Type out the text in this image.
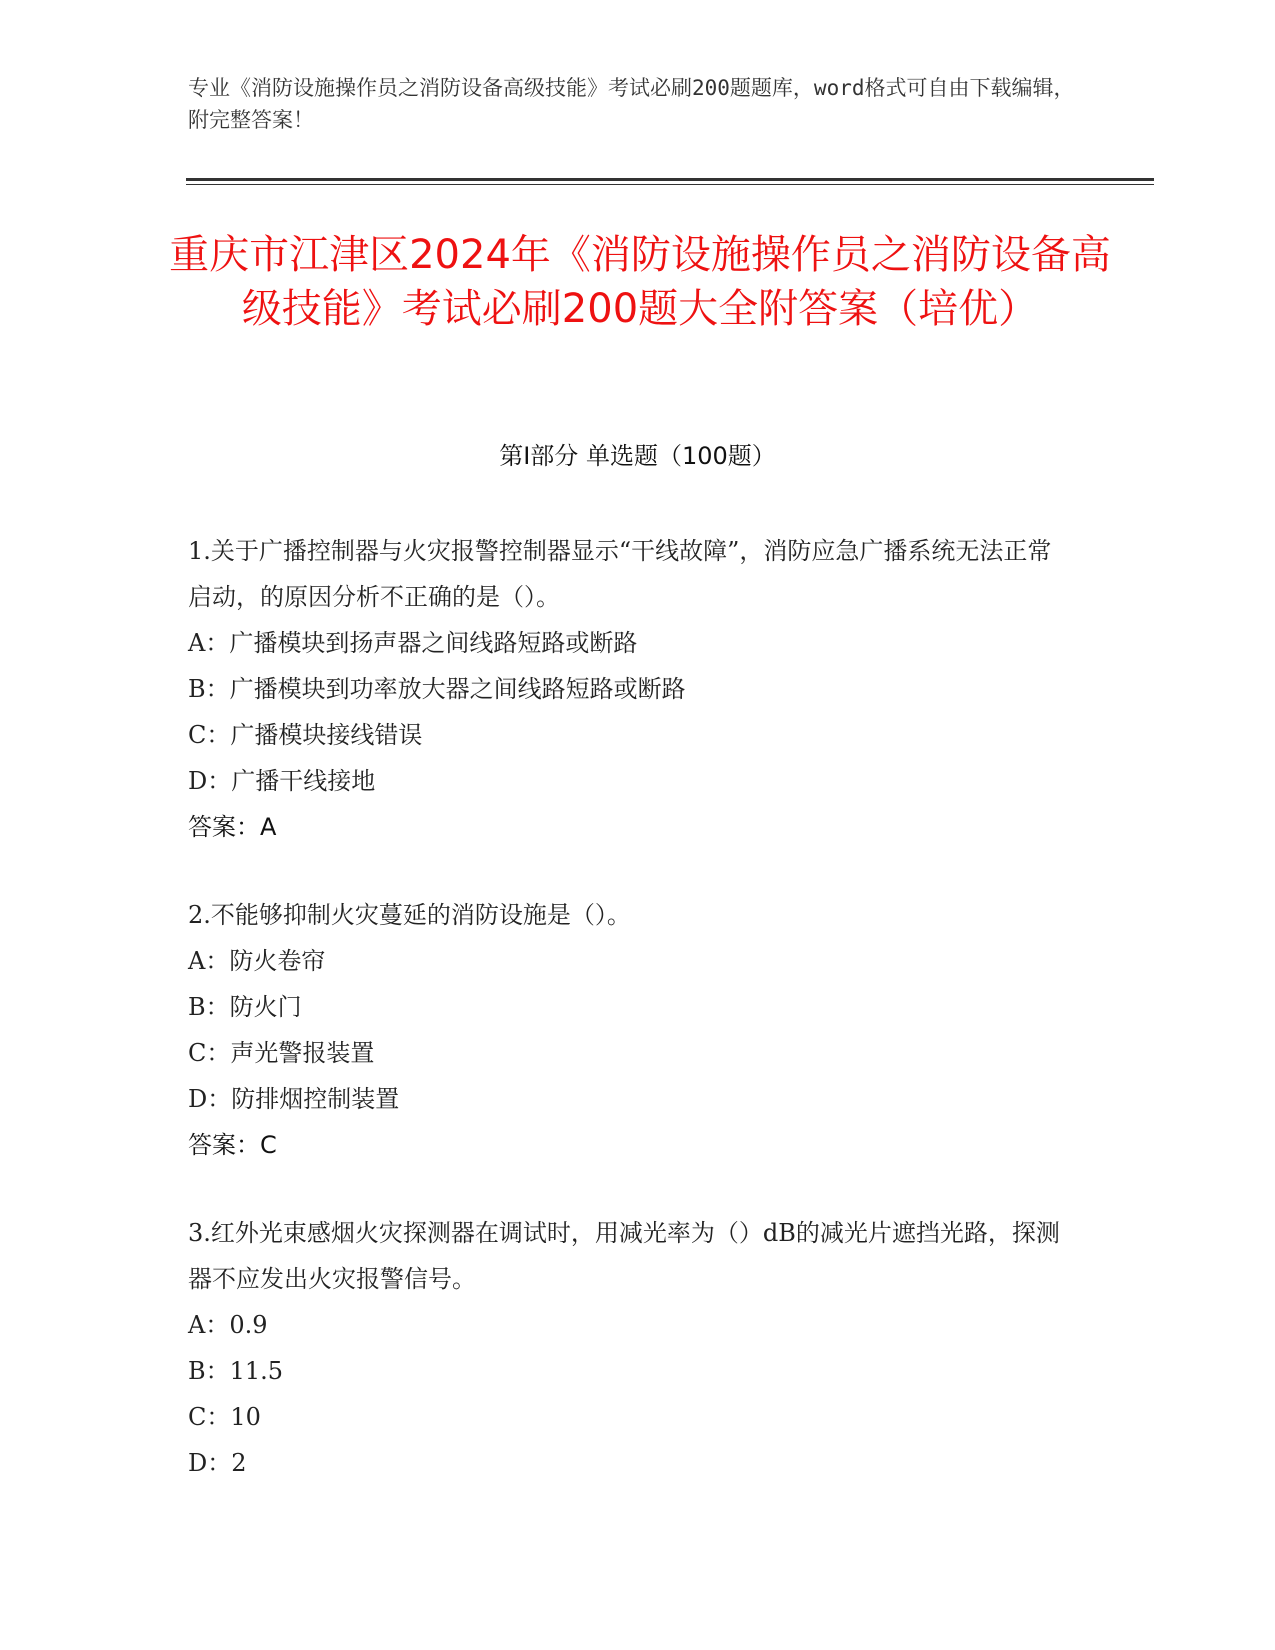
专业《消防设施操作员之消防设备高级技能》考试必刷200题题库，word格式可自由下载编辑，附完整答案！
重庆市江津区2024年《消防设施操作员之消防设备高级技能》考试必刷200题大全附答案（培优）
第I部分 单选题（100题）
1.关于广播控制器与火灾报警控制器显示“干线故障”，消防应急广播系统无法正常启动，的原因分析不正确的是（）。
A：广播模块到扬声器之间线路短路或断路
B：广播模块到功率放大器之间线路短路或断路
C：广播模块接线错误
D：广播干线接地
答案：A
2.不能够抑制火灾蔓延的消防设施是（）。
A：防火卷帘
B：防火门
C：声光警报装置
D：防排烟控制装置
答案：C
3.红外光束感烟火灾探测器在调试时，用减光率为（）dB的减光片遮挡光路，探测器不应发出火灾报警信号。
A：0.9
B：11.5
C：10
D：2
